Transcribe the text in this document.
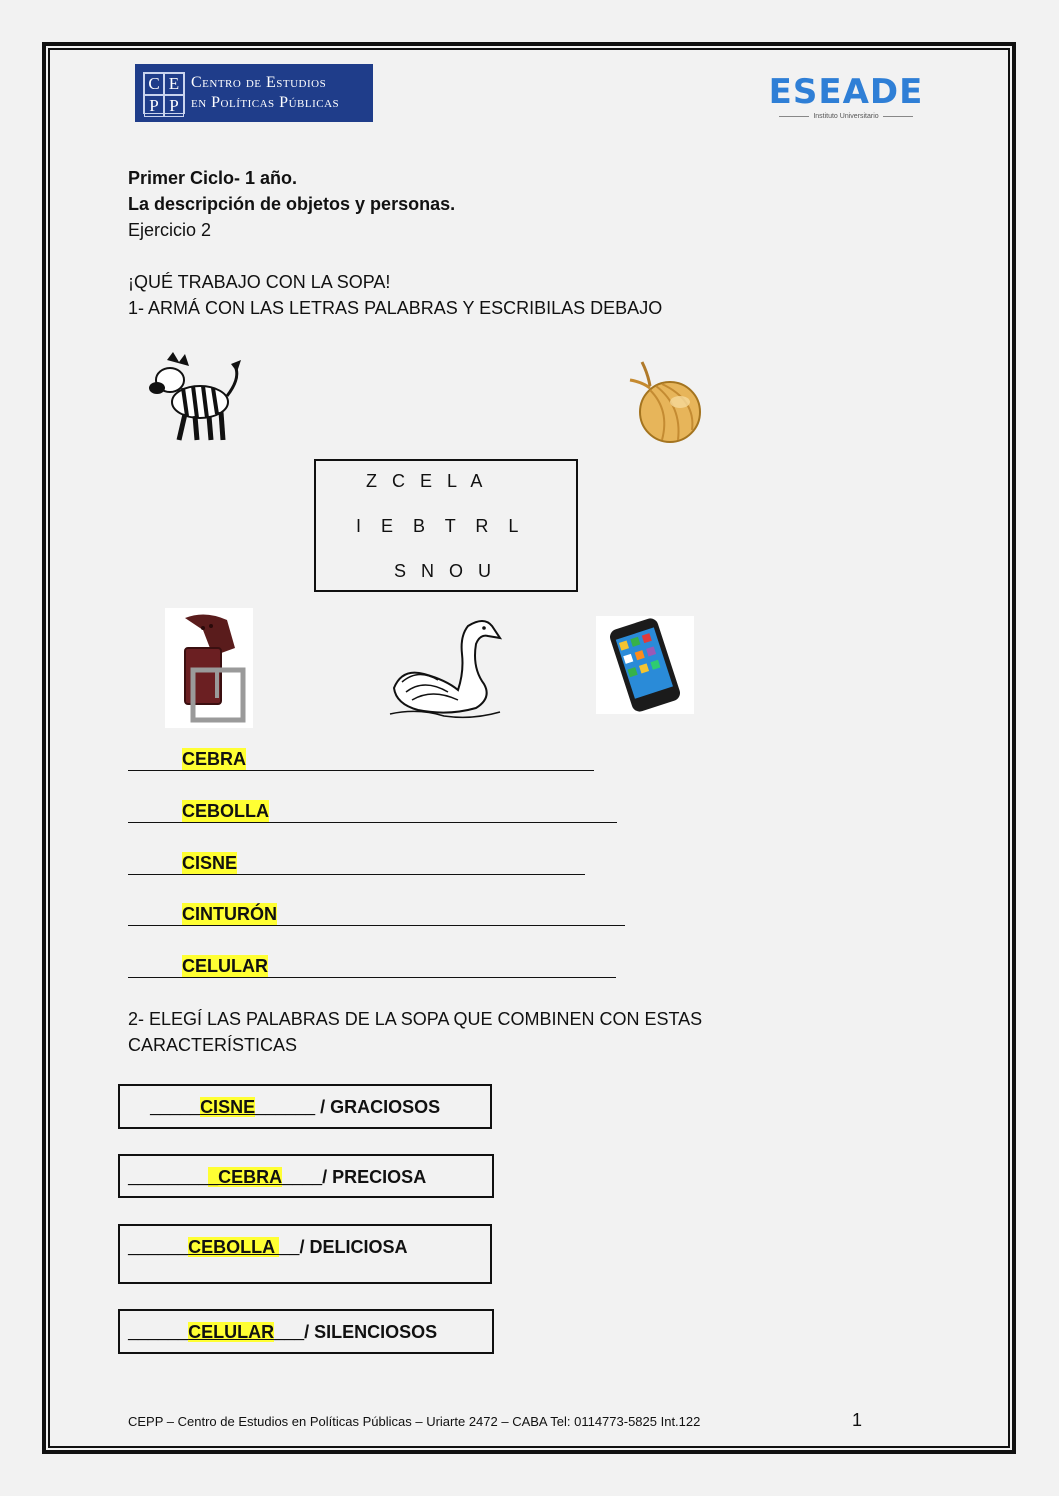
C E
P P
Centro de Estudios
en Políticas Públicas	ESEADE
Instituto Universitario
Primer Ciclo- 1 año.
La descripción de objetos y personas.
Ejercicio 2
¡QUÉ TRABAJO CON LA SOPA!
1- ARMÁ CON LAS LETRAS PALABRAS Y ESCRIBILAS DEBAJO
Z   C   E   L   A
I    E    B    T    R    L
S   N   O   U
CEBRA
CEBOLLA
CISNE
CINTURÓN
CELULAR
2- ELEGÍ LAS PALABRAS DE LA SOPA QUE COMBINEN CON ESTAS
CARACTERÍSTICAS
_____CISNE______ / GRACIOSOS
_________CEBRA____/ PRECIOSA
______CEBOLLA __/ DELICIOSA
______CELULAR___/ SILENCIOSOS
CEPP – Centro de Estudios en Políticas Públicas – Uriarte 2472 – CABA Tel: 0114773-5825 Int.122	1
